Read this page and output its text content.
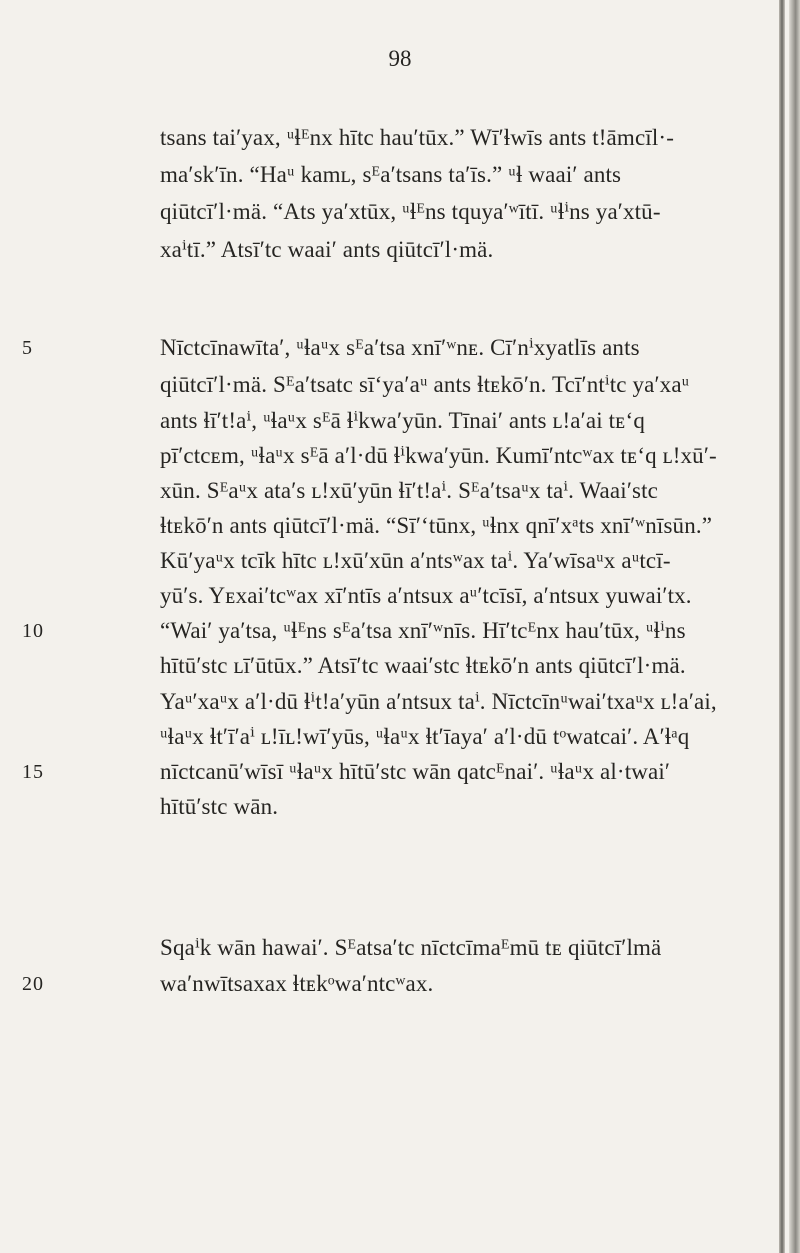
98
5
10
15
20
tsans taiʹyax, ᵘɬᴱnx hītc hauʹtūx.” Wīʹɬwīs ants t!āmcīl·-
maʹskʹīn. “Haᵘ kamʟ, sᴱaʹtsans taʹīs.” ᵘɬ waaiʹ ants
qiūtcīʹl·mä. “Ats yaʹxtūx, ᵘɬᴱns tquyaʹʷītī. ᵘɬⁱns yaʹxtū-
xaⁱtī.” Atsīʹtc waaiʹ ants qiūtcīʹl·mä.
Nīctcīnawītaʹ, ᵘɬaᵘx sᴱaʹtsa xnīʹʷnᴇ. Cīʹnⁱxyatlīs ants
qiūtcīʹl·mä. Sᴱaʹtsatc sīʻyaʹaᵘ ants ɬtᴇkōʹn. Tcīʹntⁱtc yaʹxaᵘ
ants ɬīʹt!aⁱ, ᵘɬaᵘx sᴱā ɬⁱkwaʹyūn. Tīnaiʹ ants ʟ!aʹai tᴇʻq
pīʹctcᴇm, ᵘɬaᵘx sᴱā aʹl·dū ɬⁱkwaʹyūn. Kumīʹntcʷax tᴇʻq ʟ!xūʹ-
xūn. Sᴱaᵘx ataʹs ʟ!xūʹyūn ɬīʹt!aⁱ. Sᴱaʹtsaᵘx taⁱ. Waaiʹstc
ɬtᴇkōʹn ants qiūtcīʹl·mä. “Sīʹʻtūnx, ᵘɬnx qnīʹxᵃts xnīʹʷnīsūn.”
Kūʹyaᵘx tcīk hītc ʟ!xūʹxūn aʹntsʷax taⁱ. Yaʹwīsaᵘx aᵘtcī-
yūʹs. Yᴇxaiʹtcʷax xīʹntīs aʹntsux aᵘʹtcīsī, aʹntsux yuwaiʹtx.
“Waiʹ yaʹtsa, ᵘɬᴱns sᴱaʹtsa xnīʹʷnīs. Hīʹtcᴱnx hauʹtūx, ᵘɬⁱns
hītūʹstc ʟīʹūtūx.” Atsīʹtc waaiʹstc ɬtᴇkōʹn ants qiūtcīʹl·mä.
Yaᵘʹxaᵘx aʹl·dū ɬⁱt!aʹyūn aʹntsux taⁱ. Nīctcīnᵘwaiʹtxaᵘx ʟ!aʹai,
ᵘɬaᵘx ɬtʹīʹaⁱ ʟ!īʟ!wīʹyūs, ᵘɬaᵘx ɬtʹīayaʹ aʹl·dū tᵒwatcaiʹ. Aʹɬᵃq
nīctcanūʹwīsī ᵘɬaᵘx hītūʹstc wān qatcᴱnaiʹ. ᵘɬaᵘx al·twaiʹ
hītūʹstc wān.
Sqaⁱk wān hawaiʹ. Sᴱatsaʹtc nīctcīmaᴱmū tᴇ qiūtcīʹlmä
waʹnwītsaxax ɬtᴇkᵒwaʹntcʷax.
